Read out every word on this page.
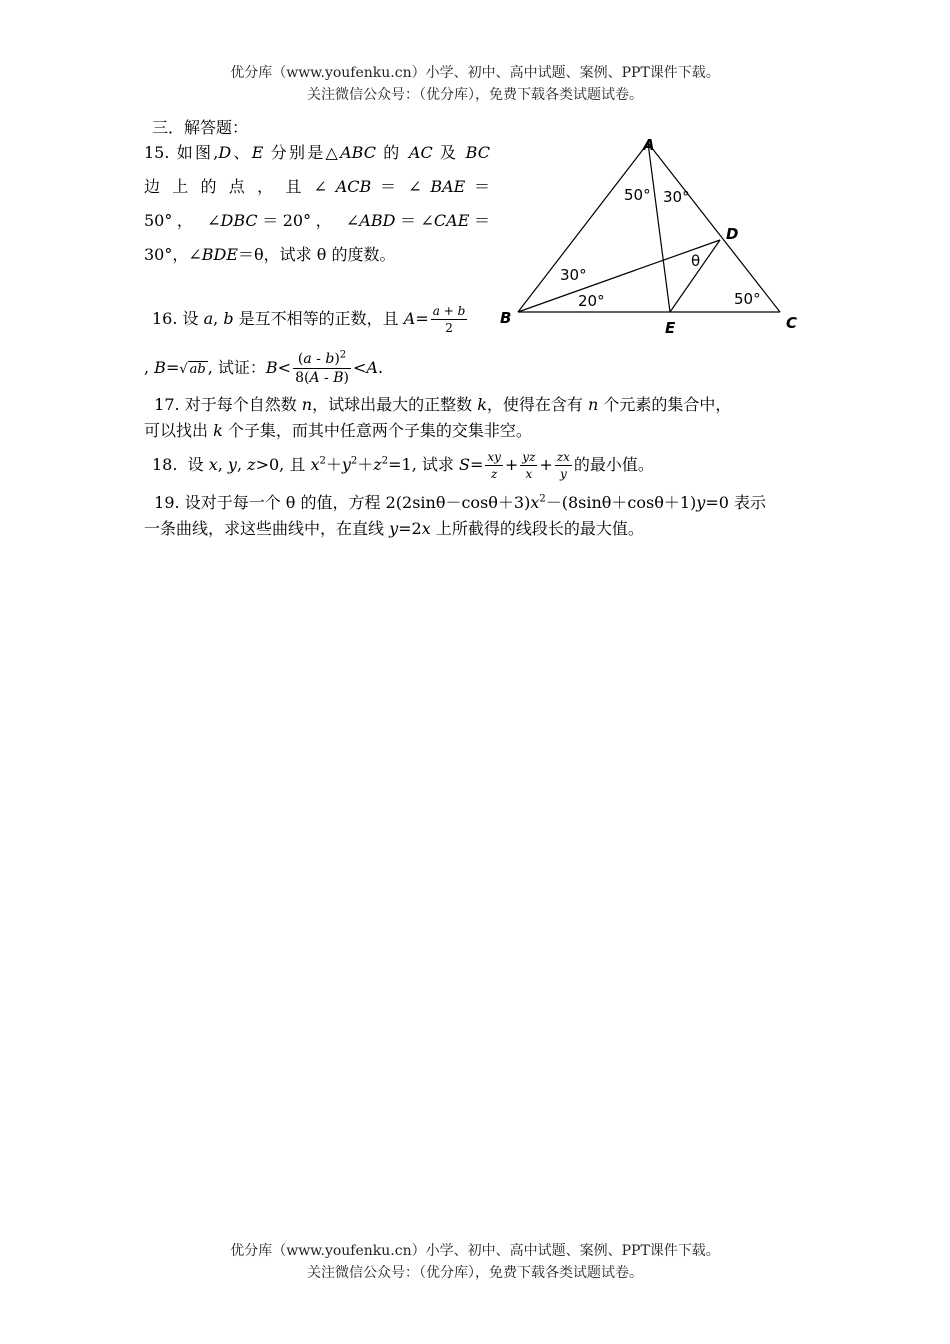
优分库（www.youfenku.cn）小学、初中、高中试题、案例、PPT课件下载。
关注微信公众号：（优分库），免费下载各类试题试卷。
三．解答题：
15. 如图,D、E 分别是△ABC 的 AC 及 BC
边 上 的 点 ， 且 ∠ ACB ＝ ∠ BAE ＝
50°， ∠DBC＝20°， ∠ABD＝∠CAE＝
30°，∠BDE＝θ，试求 θ 的度数。
16. 设 a, b 是互不相等的正数，且 $A= \frac{a + b}{2}$
, B=√ ab , 试证：$B< \frac{(a - b)^2}{8(A - B)} <A$.
17. 对于每个自然数 n，试球出最大的正整数 k，使得在含有 n 个元素的集合中，
可以找出 k 个子集，而其中任意两个子集的交集非空。
18.  设 x, y, z>0, 且 $x^2+y^2+z^2=1$, 试求 $S= \frac{xy}{z} + \frac{yz}{x} + \frac{zx}{y}$ 的最小值。
19. 设对于每一个 θ 的值，方程 $2(2\sin\theta-\cos\theta+3)x^2-(8\sin\theta+\cos\theta+1)y=0$ 表示
一条曲线，求这些曲线中，在直线 y=2x 上所截得的线段长的最大值。
A
B	C
D
E
50° 30°
30°
20°	50°
θ
优分库（www.youfenku.cn）小学、初中、高中试题、案例、PPT课件下载。
关注微信公众号：（优分库），免费下载各类试题试卷。
